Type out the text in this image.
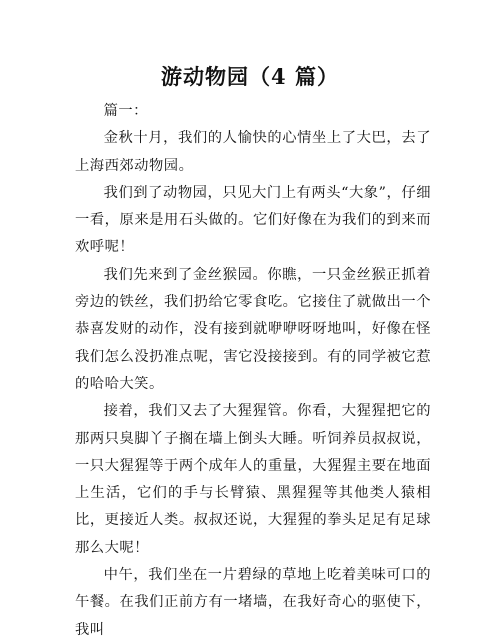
游动物园（4 篇）

篇一：

金秋十月，我们的人愉快的心情坐上了大巴，去了上海西郊动物园。

我们到了动物园，只见大门上有两头“大象”，仔细一看，原来是用石头做的。它们好像在为我们的到来而欢呼呢！

我们先来到了金丝猴园。你瞧，一只金丝猴正抓着旁边的铁丝，我们扔给它零食吃。它接住了就做出一个恭喜发财的动作，没有接到就咿咿呀呀地叫，好像在怪我们怎么没扔准点呢，害它没接接到。有的同学被它惹的哈哈大笑。

接着，我们又去了大猩猩管。你看，大猩猩把它的那两只臭脚丫子搁在墙上倒头大睡。听饲养员叔叔说，一只大猩猩等于两个成年人的重量，大猩猩主要在地面上生活，它们的手与长臂猿、黑猩猩等其他类人猿相比，更接近人类。叔叔还说，大猩猩的拳头足足有足球那么大呢！

中午，我们坐在一片碧绿的草地上吃着美味可口的午餐。在我们正前方有一堵墙，在我好奇心的驱使下，我叫
